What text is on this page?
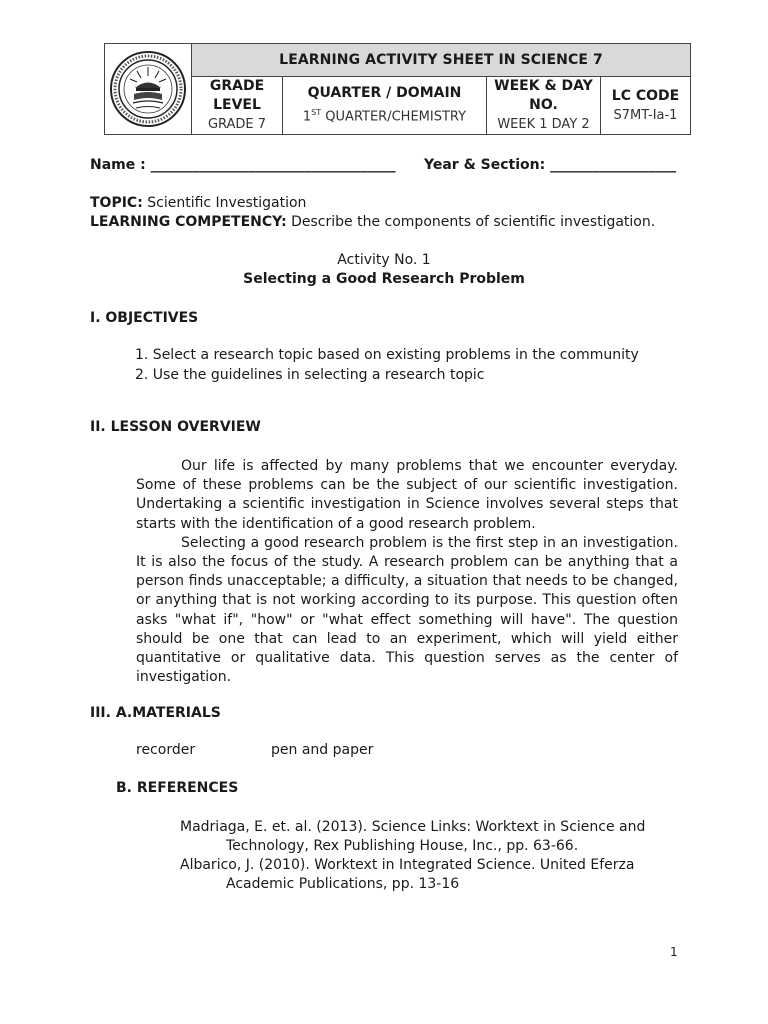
LEARNING ACTIVITY SHEET IN SCIENCE 7
GRADE
LEVEL
GRADE 7
QUARTER / DOMAIN
1ST QUARTER/CHEMISTRY
WEEK & DAY
NO.
WEEK 1 DAY 2
LC CODE
S7MT-Ia-1
Name : ___________________________________ Year & Section: __________________
TOPIC: Scientific Investigation
LEARNING COMPETENCY: Describe the components of scientific investigation.
Activity No. 1
Selecting a Good Research Problem
I. OBJECTIVES
1. Select a research topic based on existing problems in the community
2. Use the guidelines in selecting a research topic
II. LESSON OVERVIEW

Our life is affected by many problems that we encounter everyday. Some of these problems can be the subject of our scientific investigation. Undertaking a scientific investigation in Science involves several steps that starts with the identification of a good research problem.

Selecting a good research problem is the first step in an investigation. It is also the focus of the study. A research problem can be anything that a person finds unacceptable; a difficulty, a situation that needs to be changed, or anything that is not working according to its purpose. This question often asks "what if", "how" or "what effect something will have". The question should be one that can lead to an experiment, which will yield either quantitative or qualitative data. This question serves as the center of investigation.

III. A.MATERIALS
recorder	pen and paper
B. REFERENCES
Madriaga, E. et. al. (2013). Science Links: Worktext in Science and
Technology, Rex Publishing House, Inc., pp. 63-66.
Albarico, J. (2010). Worktext in Integrated Science. United Eferza
Academic Publications, pp. 13-16
1
